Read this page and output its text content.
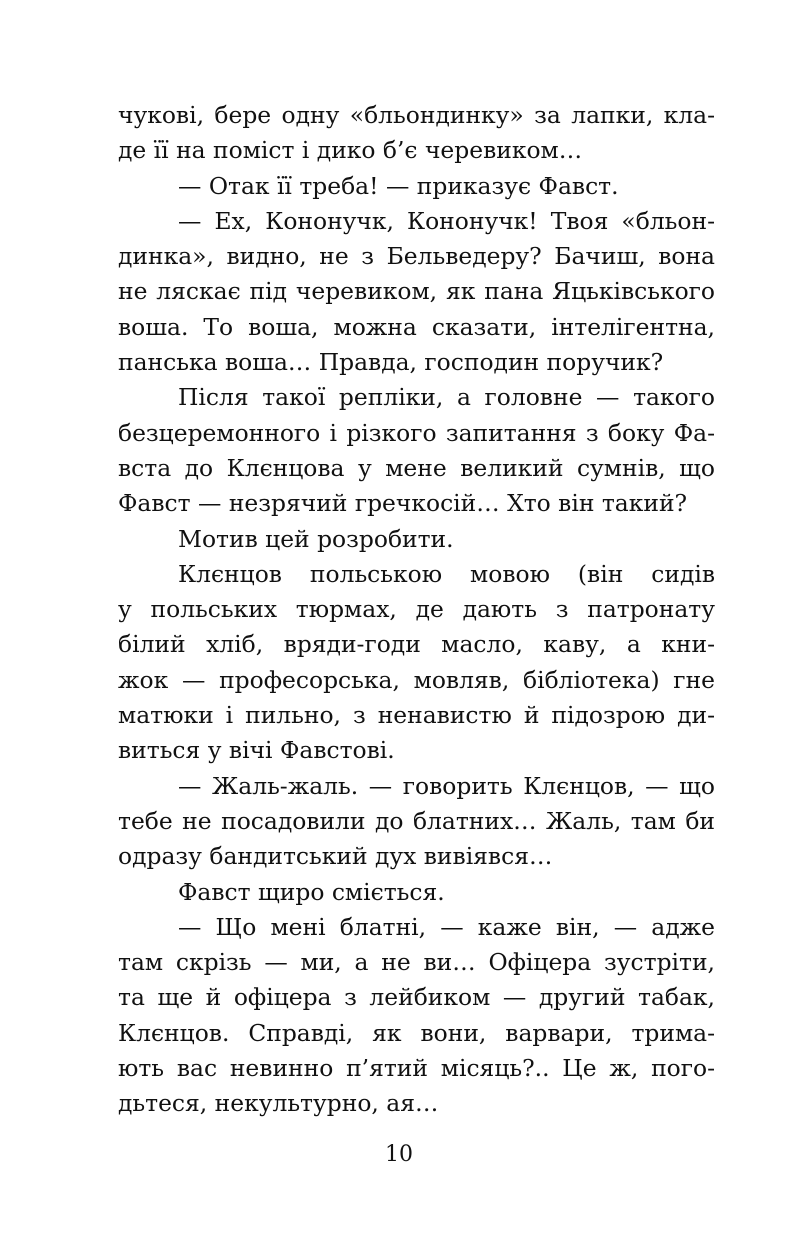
чукові, бере одну «бльондинку» за лапки, кла-
де її на поміст і дико б’є черевиком…
— Отак її треба! — приказує Фавст.
— Ех, Кононучк, Кононучк! Твоя «бльон-
динка», видно, не з Бельведеру? Бачиш, вона
не ляскає під черевиком, як пана Яцьківського
воша. То воша, можна сказати, інтелігентна,
панська воша… Правда, господин поручик?
Після такої репліки, а головне — такого
безцеремонного і різкого запитання з боку Фа-
вста до Клєнцова у мене великий сумнів, що
Фавст — незрячий гречкосій… Хто він такий?
Мотив цей розробити.
Клєнцов польською мовою (він сидів
у польських тюрмах, де дають з патронату
білий хліб, вряди-годи масло, каву, а кни-
жок — професорська, мовляв, бібліотека) гне
матюки і пильно, з ненавистю й підозрою ди-
виться у вічі Фавстові.
— Жаль-жаль. — говорить Клєнцов, — що
тебе не посадовили до блатних… Жаль, там би
одразу бандитський дух вивіявся…
Фавст щиро сміється.
— Що мені блатні, — каже він, — адже
там скрізь — ми, а не ви… Офіцера зустріти,
та ще й офіцера з лейбиком — другий табак,
Клєнцов. Справді, як вони, варвари, трима-
ють вас невинно п’ятий місяць?.. Це ж, пого-
дьтеся, некультурно, ая…
10
